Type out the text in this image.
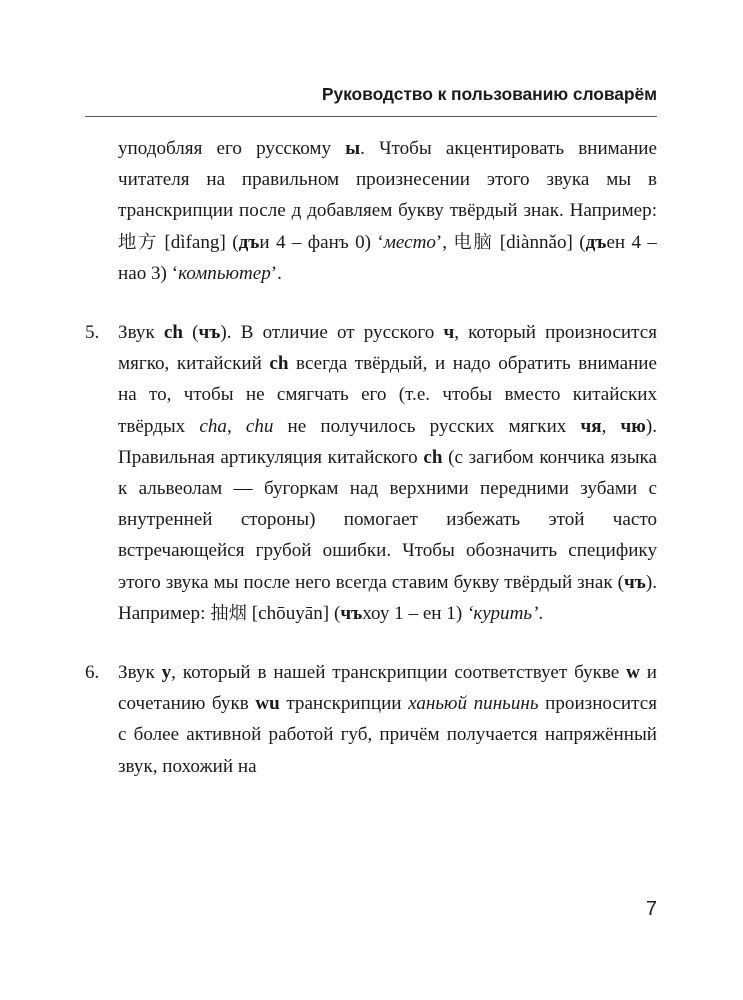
Руководство к пользованию словарём

уподобляя его русскому ы. Чтобы акцентировать внимание читателя на правильном произнесении этого звука мы в транскрипции после д добавляем букву твёрдый знак. Например: 地方 [dìfang] (дъи 4 – фанъ 0) ‘место’, 电脑 [diànnǎo] (дъен 4 – нао 3) ‘компьютер’.

5. Звук ch (чъ). В отличие от русского ч, который произносится мягко, китайский ch всегда твёрдый, и надо обратить внимание на то, чтобы не смягчать его (т.е. чтобы вместо китайских твёрдых cha, chu не получилось русских мягких чя, чю). Правильная артикуляция китайского ch (с загибом кончика языка к альвеолам — бугоркам над верхними передними зубами с внутренней стороны) помогает избежать этой часто встречающейся грубой ошибки. Чтобы обозначить специфику этого звука мы после него всегда ставим букву твёрдый знак (чъ). Например: 抽烟 [chōuyān] (чъхоу 1 – ен 1) ‘курить’.

6. Звук у, который в нашей транскрипции соответствует букве w и сочетанию букв wu транскрипции ханьюй пиньинь произносится с более активной работой губ, причём получается напряжённый звук, похожий на

7
